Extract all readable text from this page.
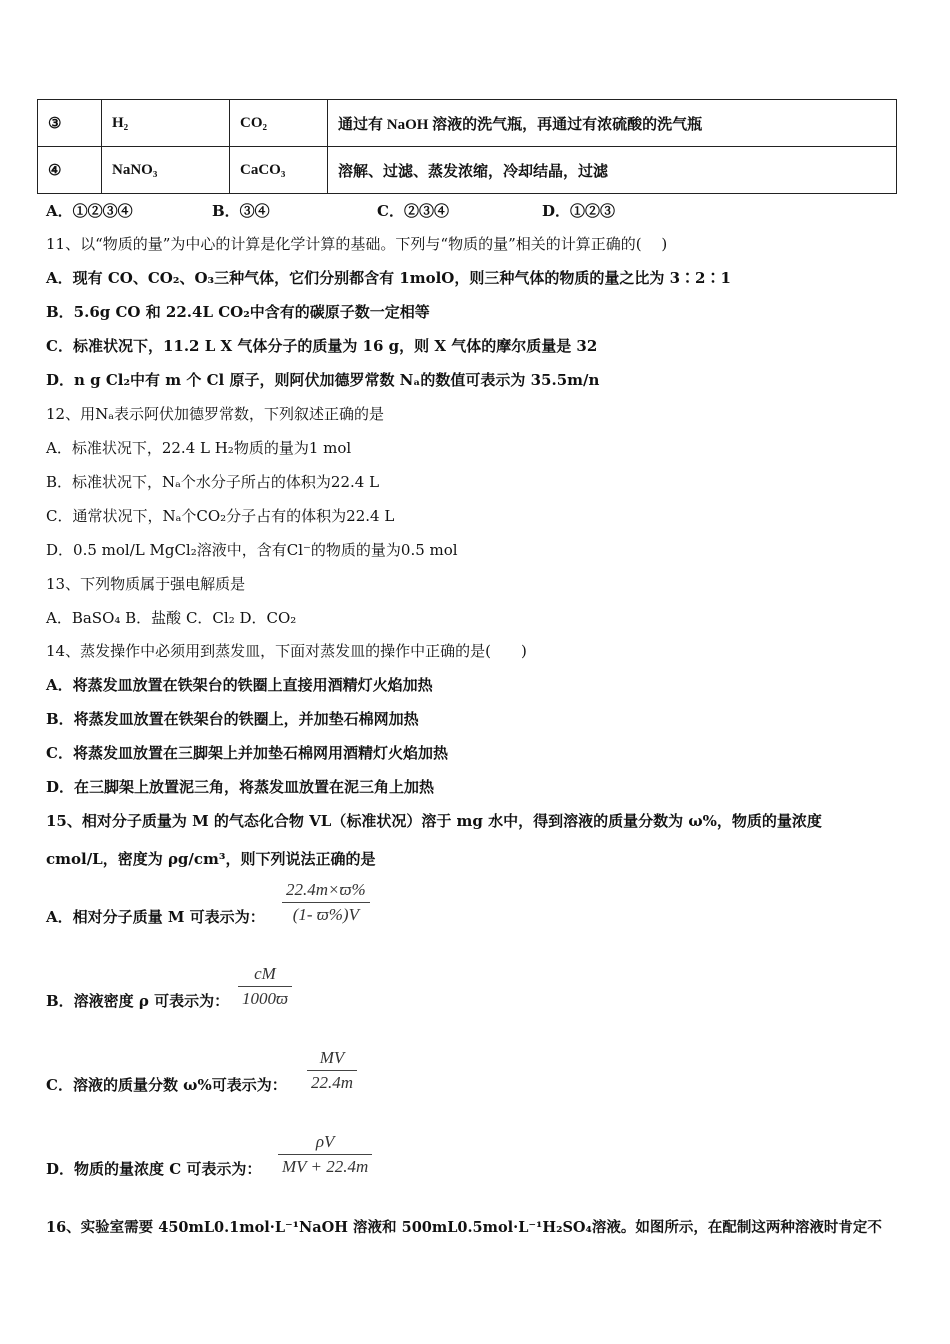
③	H₂	CO₂	通过有 NaOH 溶液的洗气瓶，再通过有浓硫酸的洗气瓶
④	NaNO₃	CaCO₃	溶解、过滤、蒸发浓缩，冷却结晶，过滤
A．①②③④	B．③④	C．②③④	D．①②③
11、以“物质的量”为中心的计算是化学计算的基础。下列与“物质的量”相关的计算正确的(　 )
A．现有 CO、CO₂、O₃三种气体，它们分别都含有 1molO，则三种气体的物质的量之比为 3∶2∶1
B．5.6g CO 和 22.4L CO₂中含有的碳原子数一定相等
C．标准状况下，11.2 L X 气体分子的质量为 16 g，则 X 气体的摩尔质量是 32
D．n g Cl₂中有 m 个 Cl 原子，则阿伏加德罗常数 Nₐ的数值可表示为 35.5m/n
12、用Nₐ表示阿伏加德罗常数，下列叙述正确的是
A．标准状况下，22.4 L H₂物质的量为1 mol
B．标准状况下，Nₐ个水分子所占的体积为22.4 L
C．通常状况下，Nₐ个CO₂分子占有的体积为22.4 L
D．0.5 mol/L MgCl₂溶液中，含有Cl⁻的物质的量为0.5 mol
13、下列物质属于强电解质是
A．BaSO₄ B．盐酸 C．Cl₂ D．CO₂
14、蒸发操作中必须用到蒸发皿，下面对蒸发皿的操作中正确的是(　　)
A．将蒸发皿放置在铁架台的铁圈上直接用酒精灯火焰加热
B．将蒸发皿放置在铁架台的铁圈上，并加垫石棉网加热
C．将蒸发皿放置在三脚架上并加垫石棉网用酒精灯火焰加热
D．在三脚架上放置泥三角，将蒸发皿放置在泥三角上加热
15、相对分子质量为 M 的气态化合物 VL（标准状况）溶于 mg 水中，得到溶液的质量分数为 ω%，物质的量浓度
cmol/L，密度为 ρg/cm³，则下列说法正确的是
A．相对分子质量 M 可表示为： $\frac{22.4m\times ϖ\%}{(1- ϖ\%)V}$
B．溶液密度 ρ 可表示为： $\frac{cM}{1000ϖ}$
C．溶液的质量分数 ω%可表示为： $\frac{MV}{22.4m}$
D．物质的量浓度 C 可表示为： $\frac{\rho V}{MV + 22.4m}$
16、实验室需要 450mL0.1mol·L⁻¹NaOH 溶液和 500mL0.5mol·L⁻¹H₂SO₄溶液。如图所示，在配制这两种溶液时肯定不
